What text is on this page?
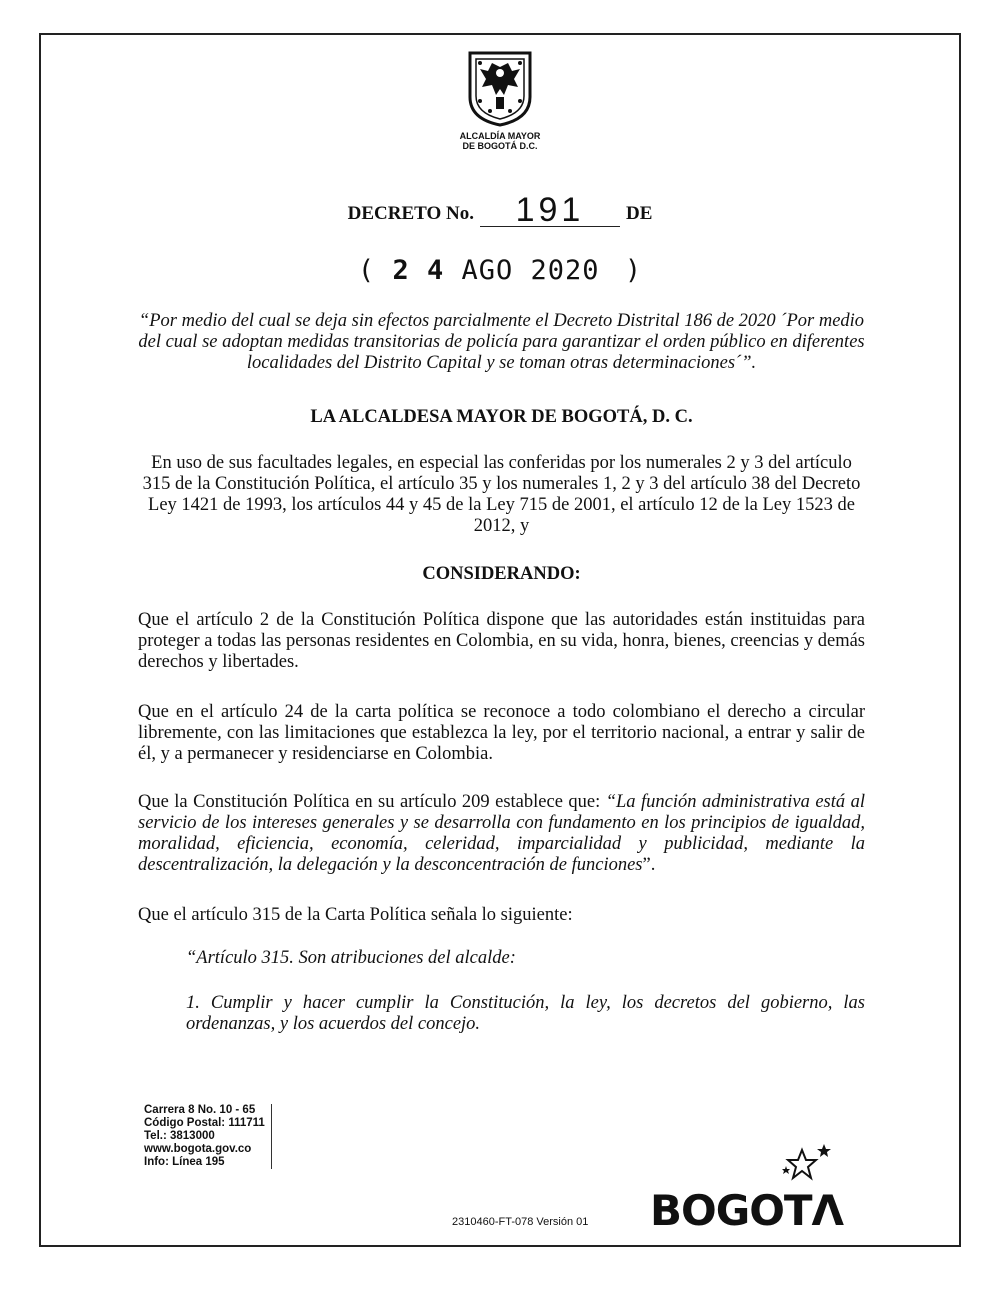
ALCALDÍA MAYOR
DE BOGOTÁ D.C.
DECRETO No. 191 DE
( 2 4 AGO 2020 )
“Por medio del cual se deja sin efectos parcialmente el Decreto Distrital 186 de 2020 ´Por medio del cual se adoptan medidas transitorias de policía para garantizar el orden público en diferentes localidades del Distrito Capital y se toman otras determinaciones´”.
LA ALCALDESA MAYOR DE BOGOTÁ, D. C.
En uso de sus facultades legales, en especial las conferidas por los numerales 2 y 3 del artículo 315 de la Constitución Política, el artículo 35 y los numerales 1, 2 y 3 del artículo 38 del Decreto Ley 1421 de 1993, los artículos 44 y 45 de la Ley 715 de 2001, el artículo 12 de la Ley 1523 de 2012, y
CONSIDERANDO:
Que el artículo 2 de la Constitución Política dispone que las autoridades están instituidas para proteger a todas las personas residentes en Colombia, en su vida, honra, bienes, creencias y demás derechos y libertades.
Que en el artículo 24 de la carta política se reconoce a todo colombiano el derecho a circular libremente, con las limitaciones que establezca la ley, por el territorio nacional, a entrar y salir de él, y a permanecer y residenciarse en Colombia.
Que la Constitución Política en su artículo 209 establece que: “La función administrativa está al servicio de los intereses generales y se desarrolla con fundamento en los principios de igualdad, moralidad, eficiencia, economía, celeridad, imparcialidad y publicidad, mediante la descentralización, la delegación y la desconcentración de funciones”.
Que el artículo 315 de la Carta Política señala lo siguiente:
“Artículo 315. Son atribuciones del alcalde:
1. Cumplir y hacer cumplir la Constitución, la ley, los decretos del gobierno, las ordenanzas, y los acuerdos del concejo.
Carrera 8 No. 10 - 65
Código Postal: 111711
Tel.: 3813000
www.bogota.gov.co
Info: Línea 195
2310460-FT-078 Versión 01 BOGOTΛ
